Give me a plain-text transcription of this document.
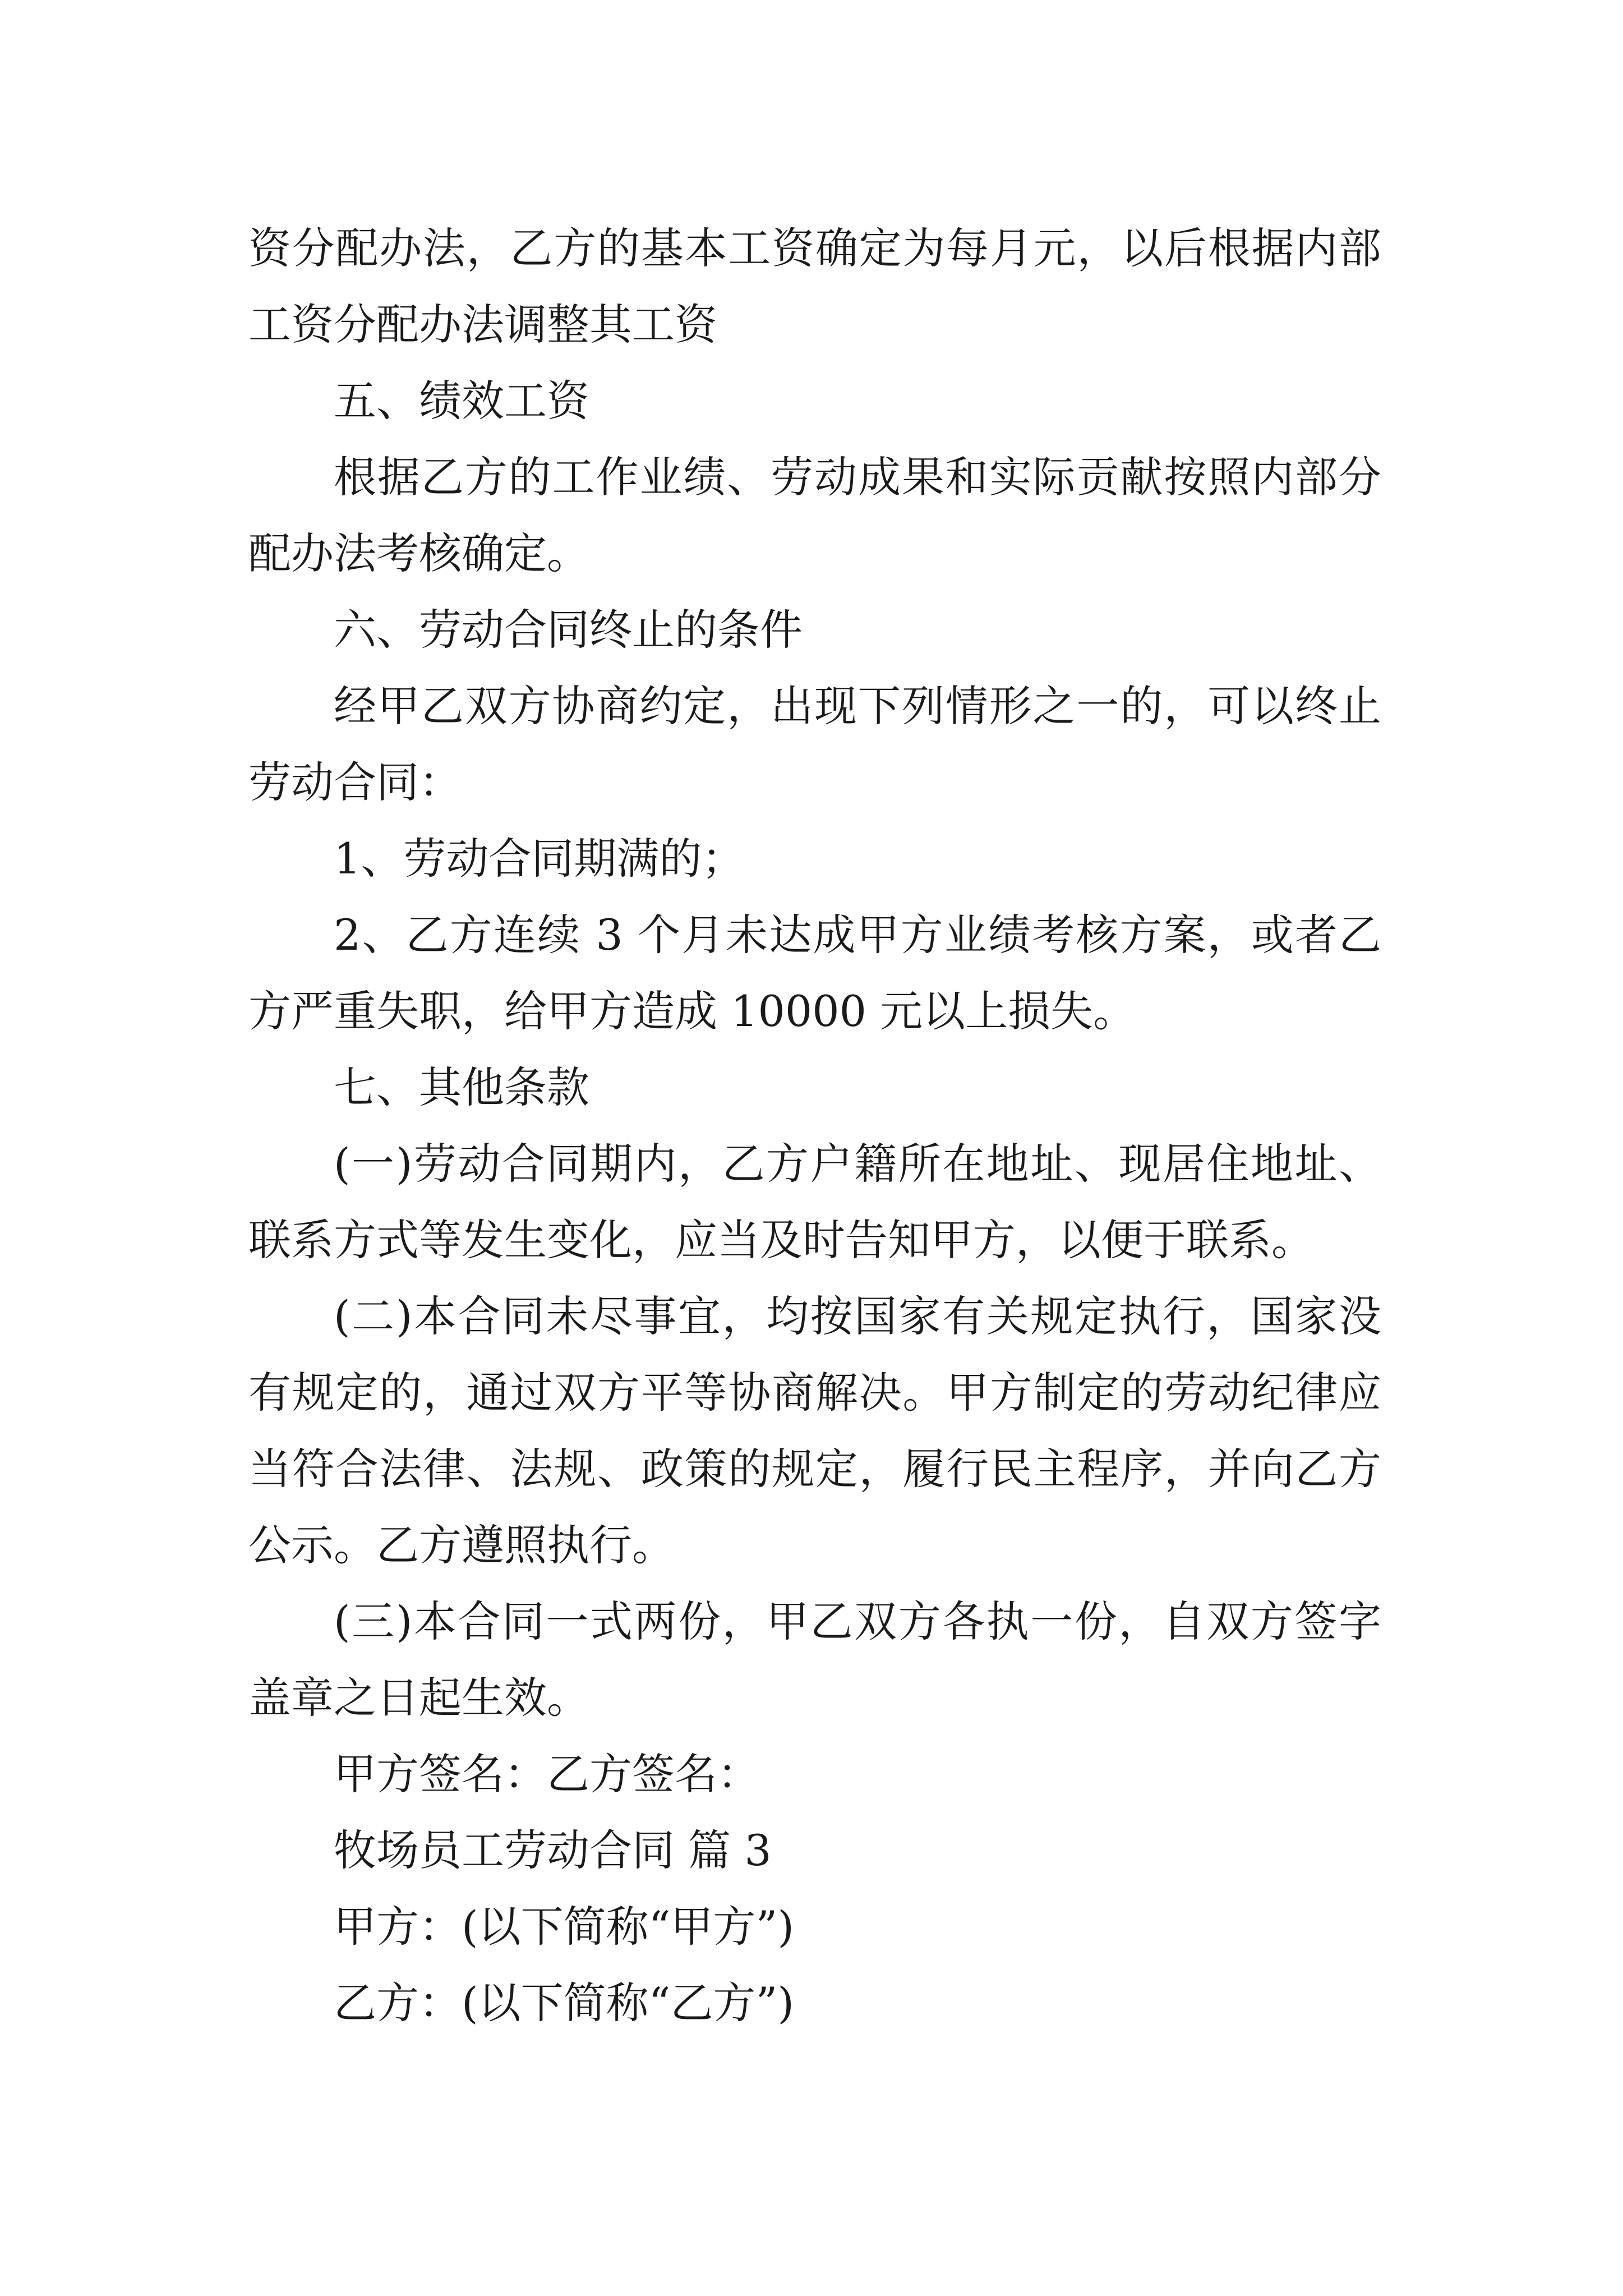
资分配办法，乙方的基本工资确定为每月元，以后根据内部工资分配办法调整其工资

五、绩效工资

根据乙方的工作业绩、劳动成果和实际贡献按照内部分配办法考核确定。

六、劳动合同终止的条件

经甲乙双方协商约定，出现下列情形之一的，可以终止劳动合同：

1、劳动合同期满的；

2、乙方连续 3 个月未达成甲方业绩考核方案，或者乙方严重失职，给甲方造成 10000 元以上损失。

七、其他条款

(一)劳动合同期内，乙方户籍所在地址、现居住地址、联系方式等发生变化，应当及时告知甲方，以便于联系。

(二)本合同未尽事宜，均按国家有关规定执行，国家没有规定的，通过双方平等协商解决。甲方制定的劳动纪律应当符合法律、法规、政策的规定，履行民主程序，并向乙方公示。乙方遵照执行。

(三)本合同一式两份，甲乙双方各执一份，自双方签字盖章之日起生效。

甲方签名：乙方签名：

牧场员工劳动合同 篇 3

甲方：(以下简称“甲方”)

乙方：(以下简称“乙方”)
